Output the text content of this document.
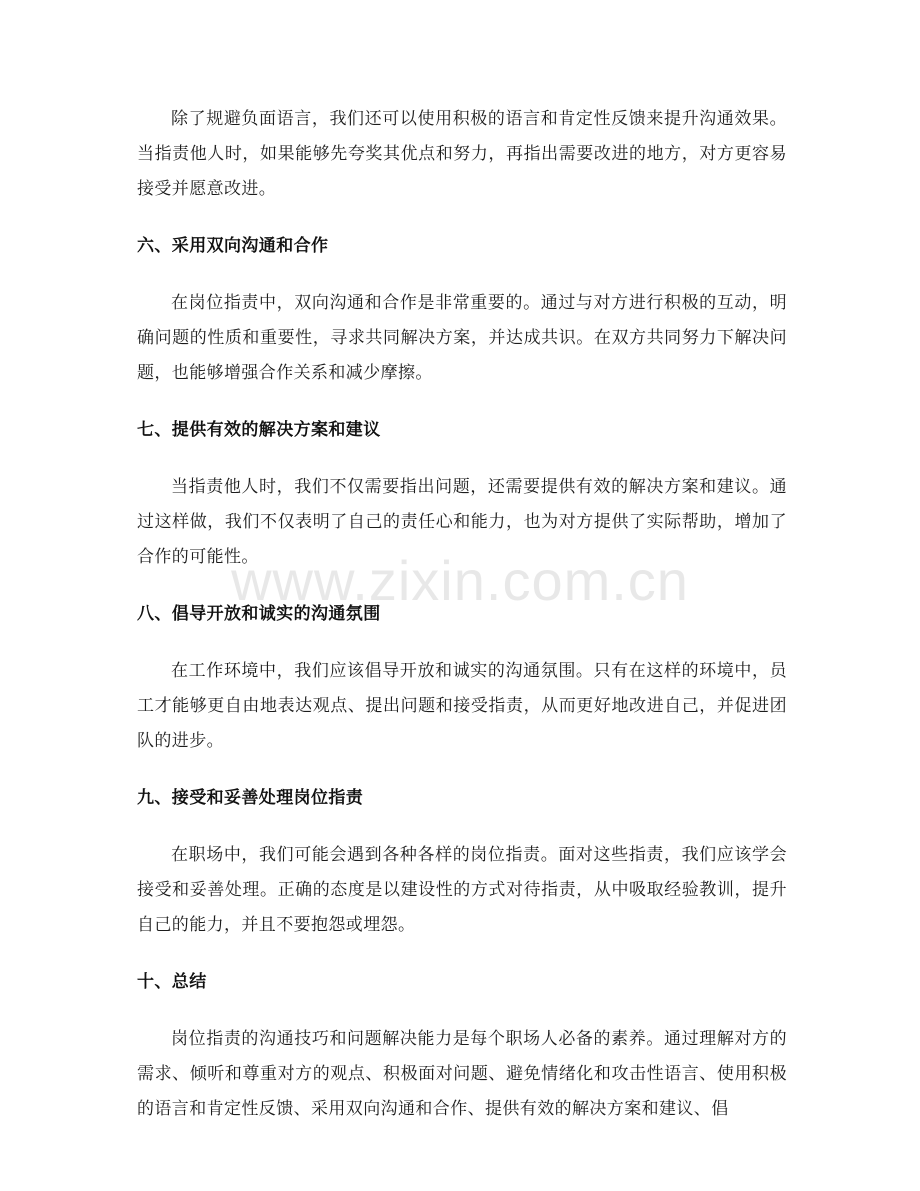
除了规避负面语言，我们还可以使用积极的语言和肯定性反馈来提升沟通效果。当指责他人时，如果能够先夸奖其优点和努力，再指出需要改进的地方，对方更容易接受并愿意改进。

六、采用双向沟通和合作

在岗位指责中，双向沟通和合作是非常重要的。通过与对方进行积极的互动，明确问题的性质和重要性，寻求共同解决方案，并达成共识。在双方共同努力下解决问题，也能够增强合作关系和减少摩擦。

七、提供有效的解决方案和建议

当指责他人时，我们不仅需要指出问题，还需要提供有效的解决方案和建议。通过这样做，我们不仅表明了自己的责任心和能力，也为对方提供了实际帮助，增加了合作的可能性。

八、倡导开放和诚实的沟通氛围

在工作环境中，我们应该倡导开放和诚实的沟通氛围。只有在这样的环境中，员工才能够更自由地表达观点、提出问题和接受指责，从而更好地改进自己，并促进团队的进步。

九、接受和妥善处理岗位指责

在职场中，我们可能会遇到各种各样的岗位指责。面对这些指责，我们应该学会接受和妥善处理。正确的态度是以建设性的方式对待指责，从中吸取经验教训，提升自己的能力，并且不要抱怨或埋怨。

十、总结

岗位指责的沟通技巧和问题解决能力是每个职场人必备的素养。通过理解对方的需求、倾听和尊重对方的观点、积极面对问题、避免情绪化和攻击性语言、使用积极的语言和肯定性反馈、采用双向沟通和合作、提供有效的解决方案和建议、倡

www.zixin.com.cn
